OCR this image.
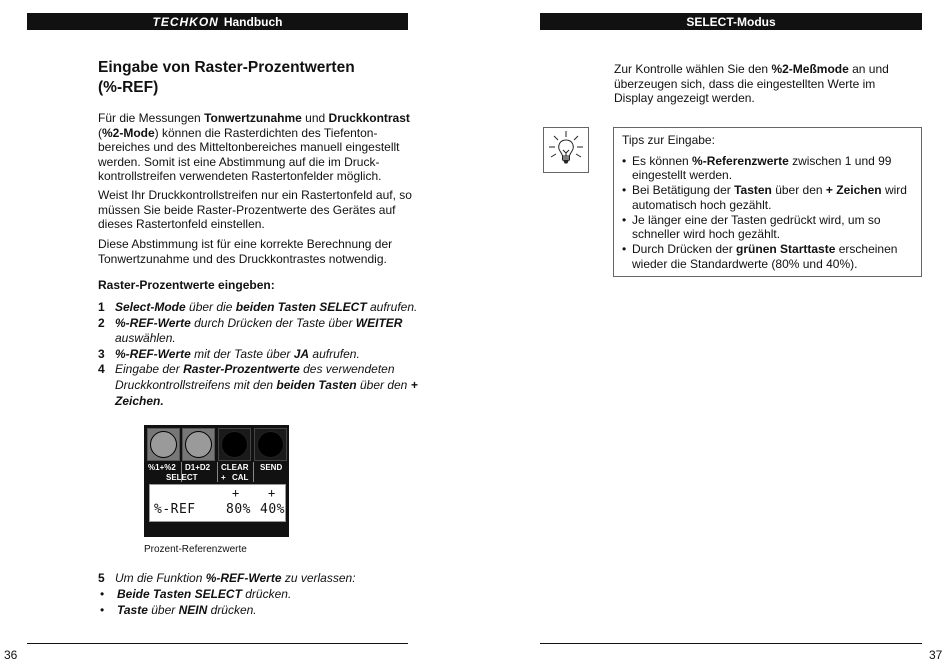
TECHKON Handbuch
Eingabe von Raster-Prozentwerten
(%-REF)
Für die Messungen Tonwertzunahme und Druckkontrast (%2-Mode) können die Rasterdichten des Tiefenton-bereiches und des Mitteltonbereiches manuell eingestellt werden. Somit ist eine Abstimmung auf die im Druck-kontrollstreifen verwendeten Rastertonfelder möglich.
Weist Ihr Druckkontrollstreifen nur ein Rastertonfeld auf, so müssen Sie beide Raster-Prozentwerte des Gerätes auf dieses Rastertonfeld einstellen.
Diese Abstimmung ist für eine korrekte Berechnung der Tonwertzunahme und des Druckkontrastes notwendig.
Raster-Prozentwerte eingeben:
1 Select-Mode über die beiden Tasten SELECT aufrufen.
2 %-REF-Werte durch Drücken der Taste über WEITER auswählen.
3 %-REF-Werte mit der Taste über JA aufrufen.
4 Eingabe der Raster-Prozentwerte des verwendeten Druckkontrollstreifens mit den beiden Tasten über den + Zeichen.
%1+%2 D1+D2 CLEAR SEND
SELECT	+ CAL
+ +
%-REF 80% 40%
Prozent-Referenzwerte
5 Um die Funktion %-REF-Werte zu verlassen:
•	Beide Tasten SELECT drücken.
•	Taste über NEIN drücken.
36
SELECT-Modus
Zur Kontrolle wählen Sie den %2-Meßmode an und überzeugen sich, dass die eingestellten Werte im Display angezeigt werden.
Tips zur Eingabe:
• Es können %-Referenzwerte zwischen 1 und 99 eingestellt werden.
• Bei Betätigung der Tasten über den + Zeichen wird automatisch hoch gezählt.
• Je länger eine der Tasten gedrückt wird, um so schneller wird hoch gezählt.
• Durch Drücken der grünen Starttaste erscheinen wieder die Standardwerte (80% und 40%).
37
